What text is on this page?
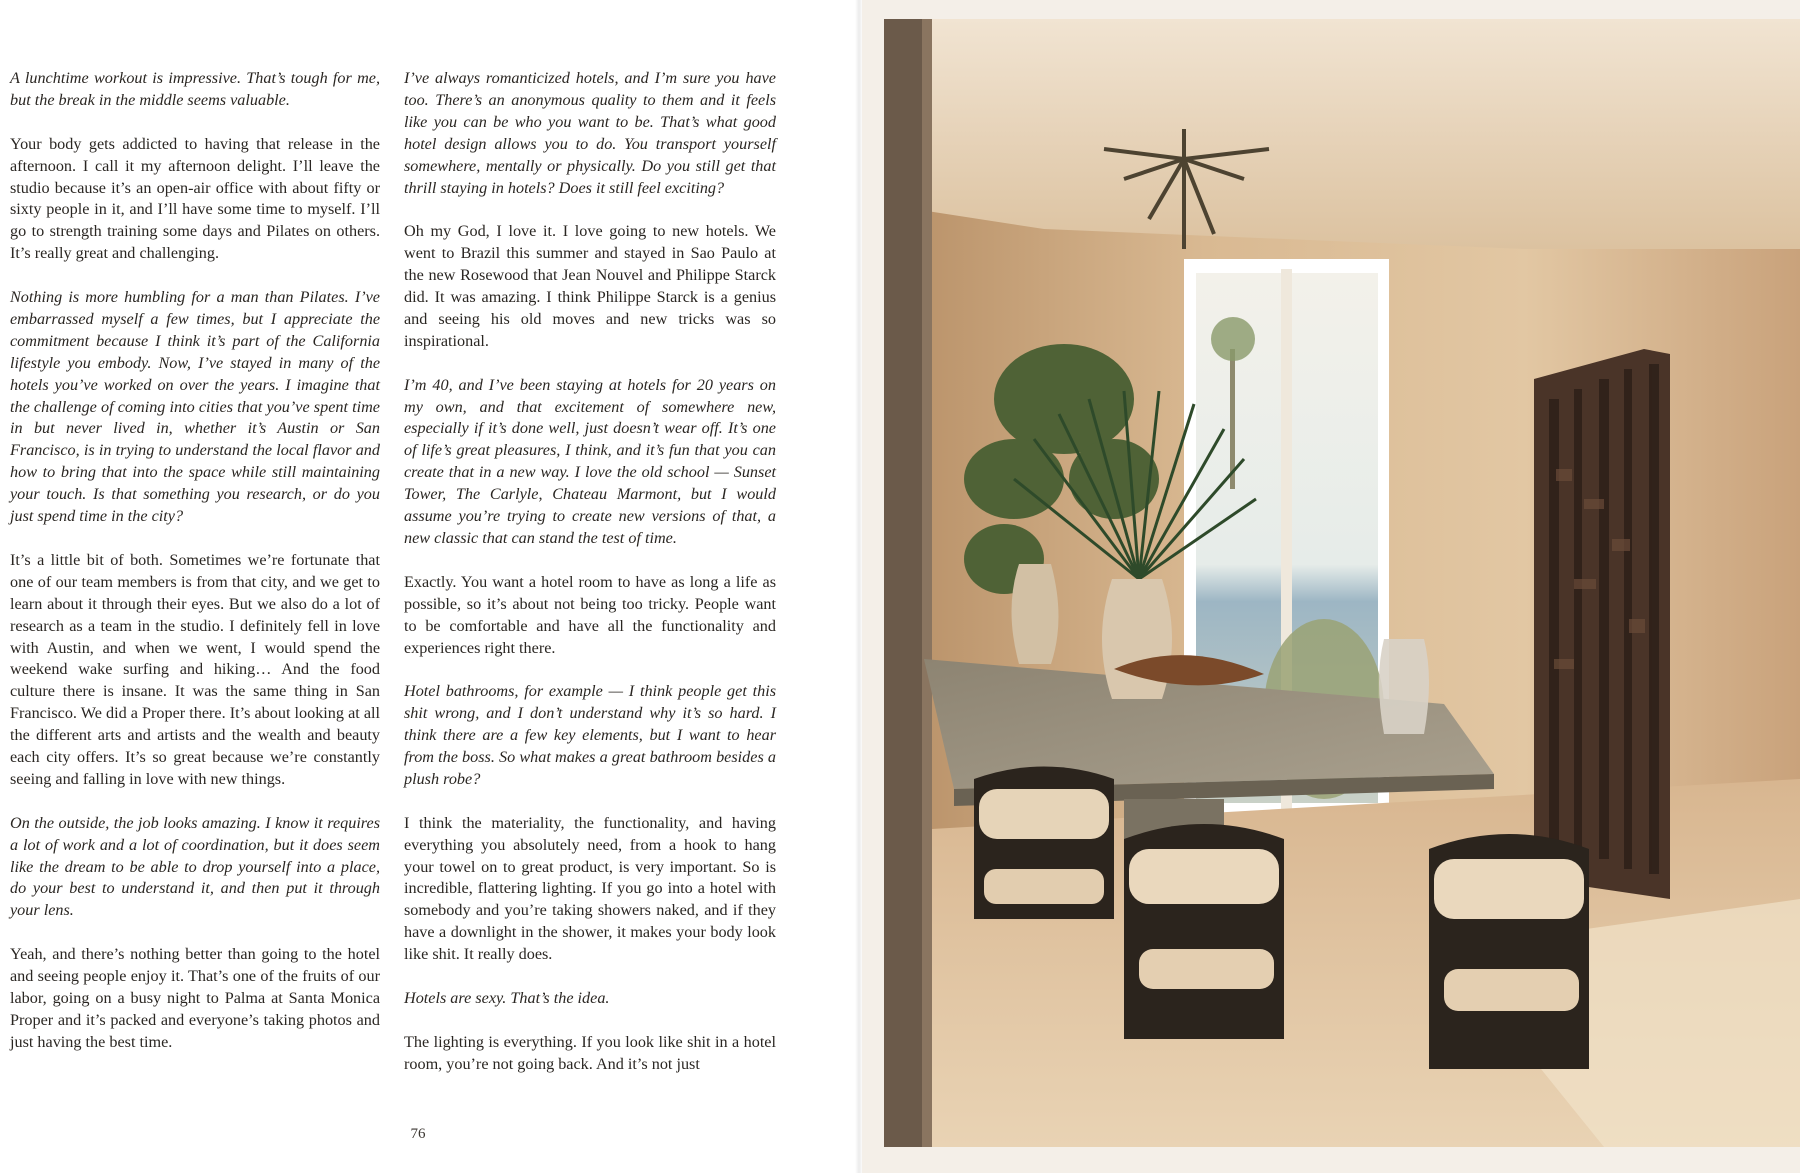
A lunchtime workout is impressive. That’s tough for me, but the break in the middle seems valuable.

Your body gets addicted to having that release in the afternoon. I call it my afternoon delight. I’ll leave the studio because it’s an open-air office with about fifty or sixty people in it, and I’ll have some time to myself. I’ll go to strength training some days and Pilates on others. It’s really great and challenging.

Nothing is more humbling for a man than Pilates. I’ve embarrassed myself a few times, but I appreciate the commitment because I think it’s part of the California lifestyle you embody. Now, I’ve stayed in many of the hotels you’ve worked on over the years. I imagine that the challenge of coming into cities that you’ve spent time in but never lived in, whether it’s Austin or San Francisco, is in trying to understand the local flavor and how to bring that into the space while still maintaining your touch. Is that something you research, or do you just spend time in the city?

It’s a little bit of both. Sometimes we’re fortunate that one of our team members is from that city, and we get to learn about it through their eyes. But we also do a lot of research as a team in the studio. I definitely fell in love with Austin, and when we went, I would spend the weekend wake surfing and hiking… And the food culture there is insane. It was the same thing in San Francisco. We did a Proper there. It’s about looking at all the different arts and artists and the wealth and beauty each city offers. It’s so great because we’re constantly seeing and falling in love with new things.

On the outside, the job looks amazing. I know it requires a lot of work and a lot of coordination, but it does seem like the dream to be able to drop yourself into a place, do your best to understand it, and then put it through your lens.

Yeah, and there’s nothing better than going to the hotel and seeing people enjoy it. That’s one of the fruits of our labor, going on a busy night to Palma at Santa Monica Proper and it’s packed and everyone’s taking photos and just having the best time.

I’ve always romanticized hotels, and I’m sure you have too. There’s an anonymous quality to them and it feels like you can be who you want to be. That’s what good hotel design allows you to do. You transport yourself somewhere, mentally or physically. Do you still get that thrill staying in hotels? Does it still feel exciting?

Oh my God, I love it. I love going to new hotels. We went to Brazil this summer and stayed in Sao Paulo at the new Rosewood that Jean Nouvel and Philippe Starck did. It was amazing. I think Philippe Starck is a genius and seeing his old moves and new tricks was so inspirational.

I’m 40, and I’ve been staying at hotels for 20 years on my own, and that excitement of somewhere new, especially if it’s done well, just doesn’t wear off. It’s one of life’s great pleasures, I think, and it’s fun that you can create that in a new way. I love the old school — Sunset Tower, The Carlyle, Chateau Marmont, but I would assume you’re trying to create new versions of that, a new classic that can stand the test of time.

Exactly. You want a hotel room to have as long a life as possible, so it’s about not being too tricky. People want to be comfortable and have all the functionality and experiences right there.

Hotel bathrooms, for example — I think people get this shit wrong, and I don’t understand why it’s so hard. I think there are a few key elements, but I want to hear from the boss. So what makes a great bathroom besides a plush robe?

I think the materiality, the functionality, and having everything you absolutely need, from a hook to hang your towel on to great product, is very important. So is incredible, flattering lighting. If you go into a hotel with somebody and you’re taking showers naked, and if they have a downlight in the shower, it makes your body look like shit. It really does.

Hotels are sexy. That’s the idea.

The lighting is everything. If you look like shit in a hotel room, you’re not going back. And it’s not just

76
